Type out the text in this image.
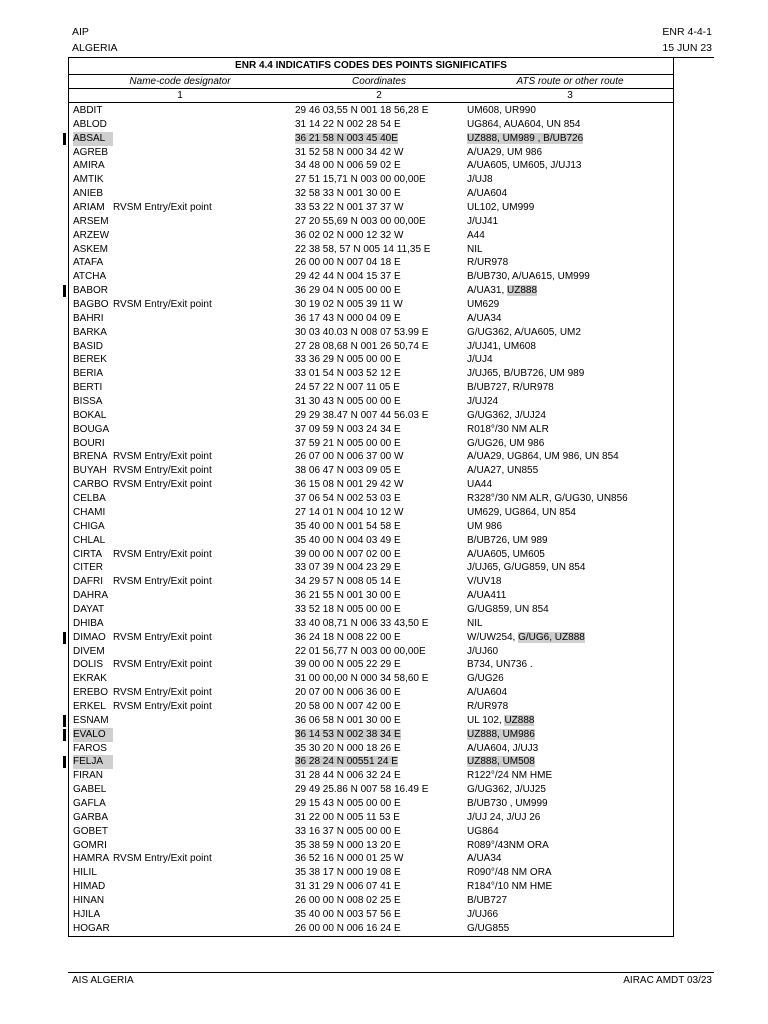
AIP
ALGERIA
ENR 4-4-1
15 JUN 23
ENR 4.4 INDICATIFS CODES DES POINTS SIGNIFICATIFS
Name-code designator	Coordinates	ATS route or other route
1	2	3
ABDIT	29 46 03,55 N 001 18 56,28 E	UM608, UR990
ABLOD	31 14 22 N 002 28 54 E	UG864, AUA604, UN 854
ABSAL	36 21 58 N 003 45 40E	UZ888, UM989 , B/UB726
AGREB	31 52 58 N 000 34 42 W	A/UA29, UM 986
AMIRA	34 48 00 N 006 59 02 E	A/UA605, UM605, J/UJ13
AMTIK	27 51 15,71 N 003 00 00,00E	J/UJ8
ANIEB	32 58 33 N 001 30 00 E	A/UA604
ARIAM RVSM Entry/Exit point	33 53 22 N 001 37 37 W	UL102, UM999
ARSEM	27 20 55,69 N 003 00 00,00E	J/UJ41
ARZEW	36 02 02 N 000 12 32 W	A44
ASKEM	22 38 58, 57 N 005 14 11,35 E	NIL
ATAFA	26 00 00 N 007 04 18 E	R/UR978
ATCHA	29 42 44 N 004 15 37 E	B/UB730, A/UA615, UM999
BABOR	36 29 04 N 005 00 00 E	A/UA31, UZ888
BAGBO RVSM Entry/Exit point	30 19 02 N 005 39 11 W	UM629
BAHRI	36 17 43 N 000 04 09 E	A/UA34
BARKA	30 03 40.03 N 008 07 53.99 E	G/UG362, A/UA605, UM2
BASID	27 28 08,68 N 001 26 50,74 E	J/UJ41, UM608
BEREK	33 36 29 N 005 00 00 E	J/UJ4
BERIA	33 01 54 N 003 52 12 E	J/UJ65, B/UB726, UM 989
BERTI	24 57 22 N 007 11 05 E	B/UB727, R/UR978
BISSA	31 30 43 N 005 00 00 E	J/UJ24
BOKAL	29 29 38.47 N 007 44 56.03 E	G/UG362, J/UJ24
BOUGA	37 09 59 N 003 24 34 E	R018°/30 NM ALR
BOURI	37 59 21 N 005 00 00 E	G/UG26, UM 986
BRENA RVSM Entry/Exit point	26 07 00 N 006 37 00 W	A/UA29, UG864, UM 986, UN 854
BUYAH RVSM Entry/Exit point	38 06 47 N 003 09 05 E	A/UA27, UN855
CARBO RVSM Entry/Exit point	36 15 08 N 001 29 42 W	UA44
CELBA	37 06 54 N 002 53 03 E	R328°/30 NM ALR, G/UG30, UN856
CHAMI	27 14 01 N 004 10 12 W	UM629, UG864, UN 854
CHIGA	35 40 00 N 001 54 58 E	UM 986
CHLAL	35 40 00 N 004 03 49 E	B/UB726, UM 989
CIRTA RVSM Entry/Exit point	39 00 00 N 007 02 00 E	A/UA605, UM605
CITER	33 07 39 N 004 23 29 E	J/UJ65, G/UG859, UN 854
DAFRI RVSM Entry/Exit point	34 29 57 N 008 05 14 E	V/UV18
DAHRA	36 21 55 N 001 30 00 E	A/UA411
DAYAT	33 52 18 N 005 00 00 E	G/UG859, UN 854
DHIBA	33 40 08,71 N 006 33 43,50 E	NIL
DIMAO RVSM Entry/Exit point	36 24 18 N 008 22 00 E	W/UW254, G/UG6, UZ888
DIVEM	22 01 56,77 N 003 00 00,00E	J/UJ60
DOLIS RVSM Entry/Exit point	39 00 00 N 005 22 29 E	B734, UN736 .
EKRAK	31 00 00,00 N 000 34 58,60 E	G/UG26
EREBO RVSM Entry/Exit point	20 07 00 N 006 36 00 E	A/UA604
ERKEL RVSM Entry/Exit point	20 58 00 N 007 42 00 E	R/UR978
ESNAM	36 06 58 N 001 30 00 E	UL 102, UZ888
EVALO	36 14 53 N 002 38 34 E	UZ888, UM986
FAROS	35 30 20 N 000 18 26 E	A/UA604, J/UJ3
FELJA	36 28 24 N 00551 24 E	UZ888, UM508
FIRAN	31 28 44 N 006 32 24 E	R122°/24 NM HME
GABEL	29 49 25.86 N 007 58 16.49 E	G/UG362, J/UJ25
GAFLA	29 15 43 N 005 00 00 E	B/UB730 , UM999
GARBA	31 22 00 N 005 11 53 E	J/UJ 24, J/UJ 26
GOBET	33 16 37 N 005 00 00 E	UG864
GOMRI	35 38 59 N 000 13 20 E	R089°/43NM ORA
HAMRA RVSM Entry/Exit point	36 52 16 N 000 01 25 W	A/UA34
HILIL	35 38 17 N 000 19 08 E	R090°/48 NM ORA
HIMAD	31 31 29 N 006 07 41 E	R184°/10 NM HME
HINAN	26 00 00 N 008 02 25 E	B/UB727
HJILA	35 40 00 N 003 57 56 E	J/UJ66
HOGAR	26 00 00 N 006 16 24 E	G/UG855
AIS ALGERIA	AIRAC AMDT 03/23
